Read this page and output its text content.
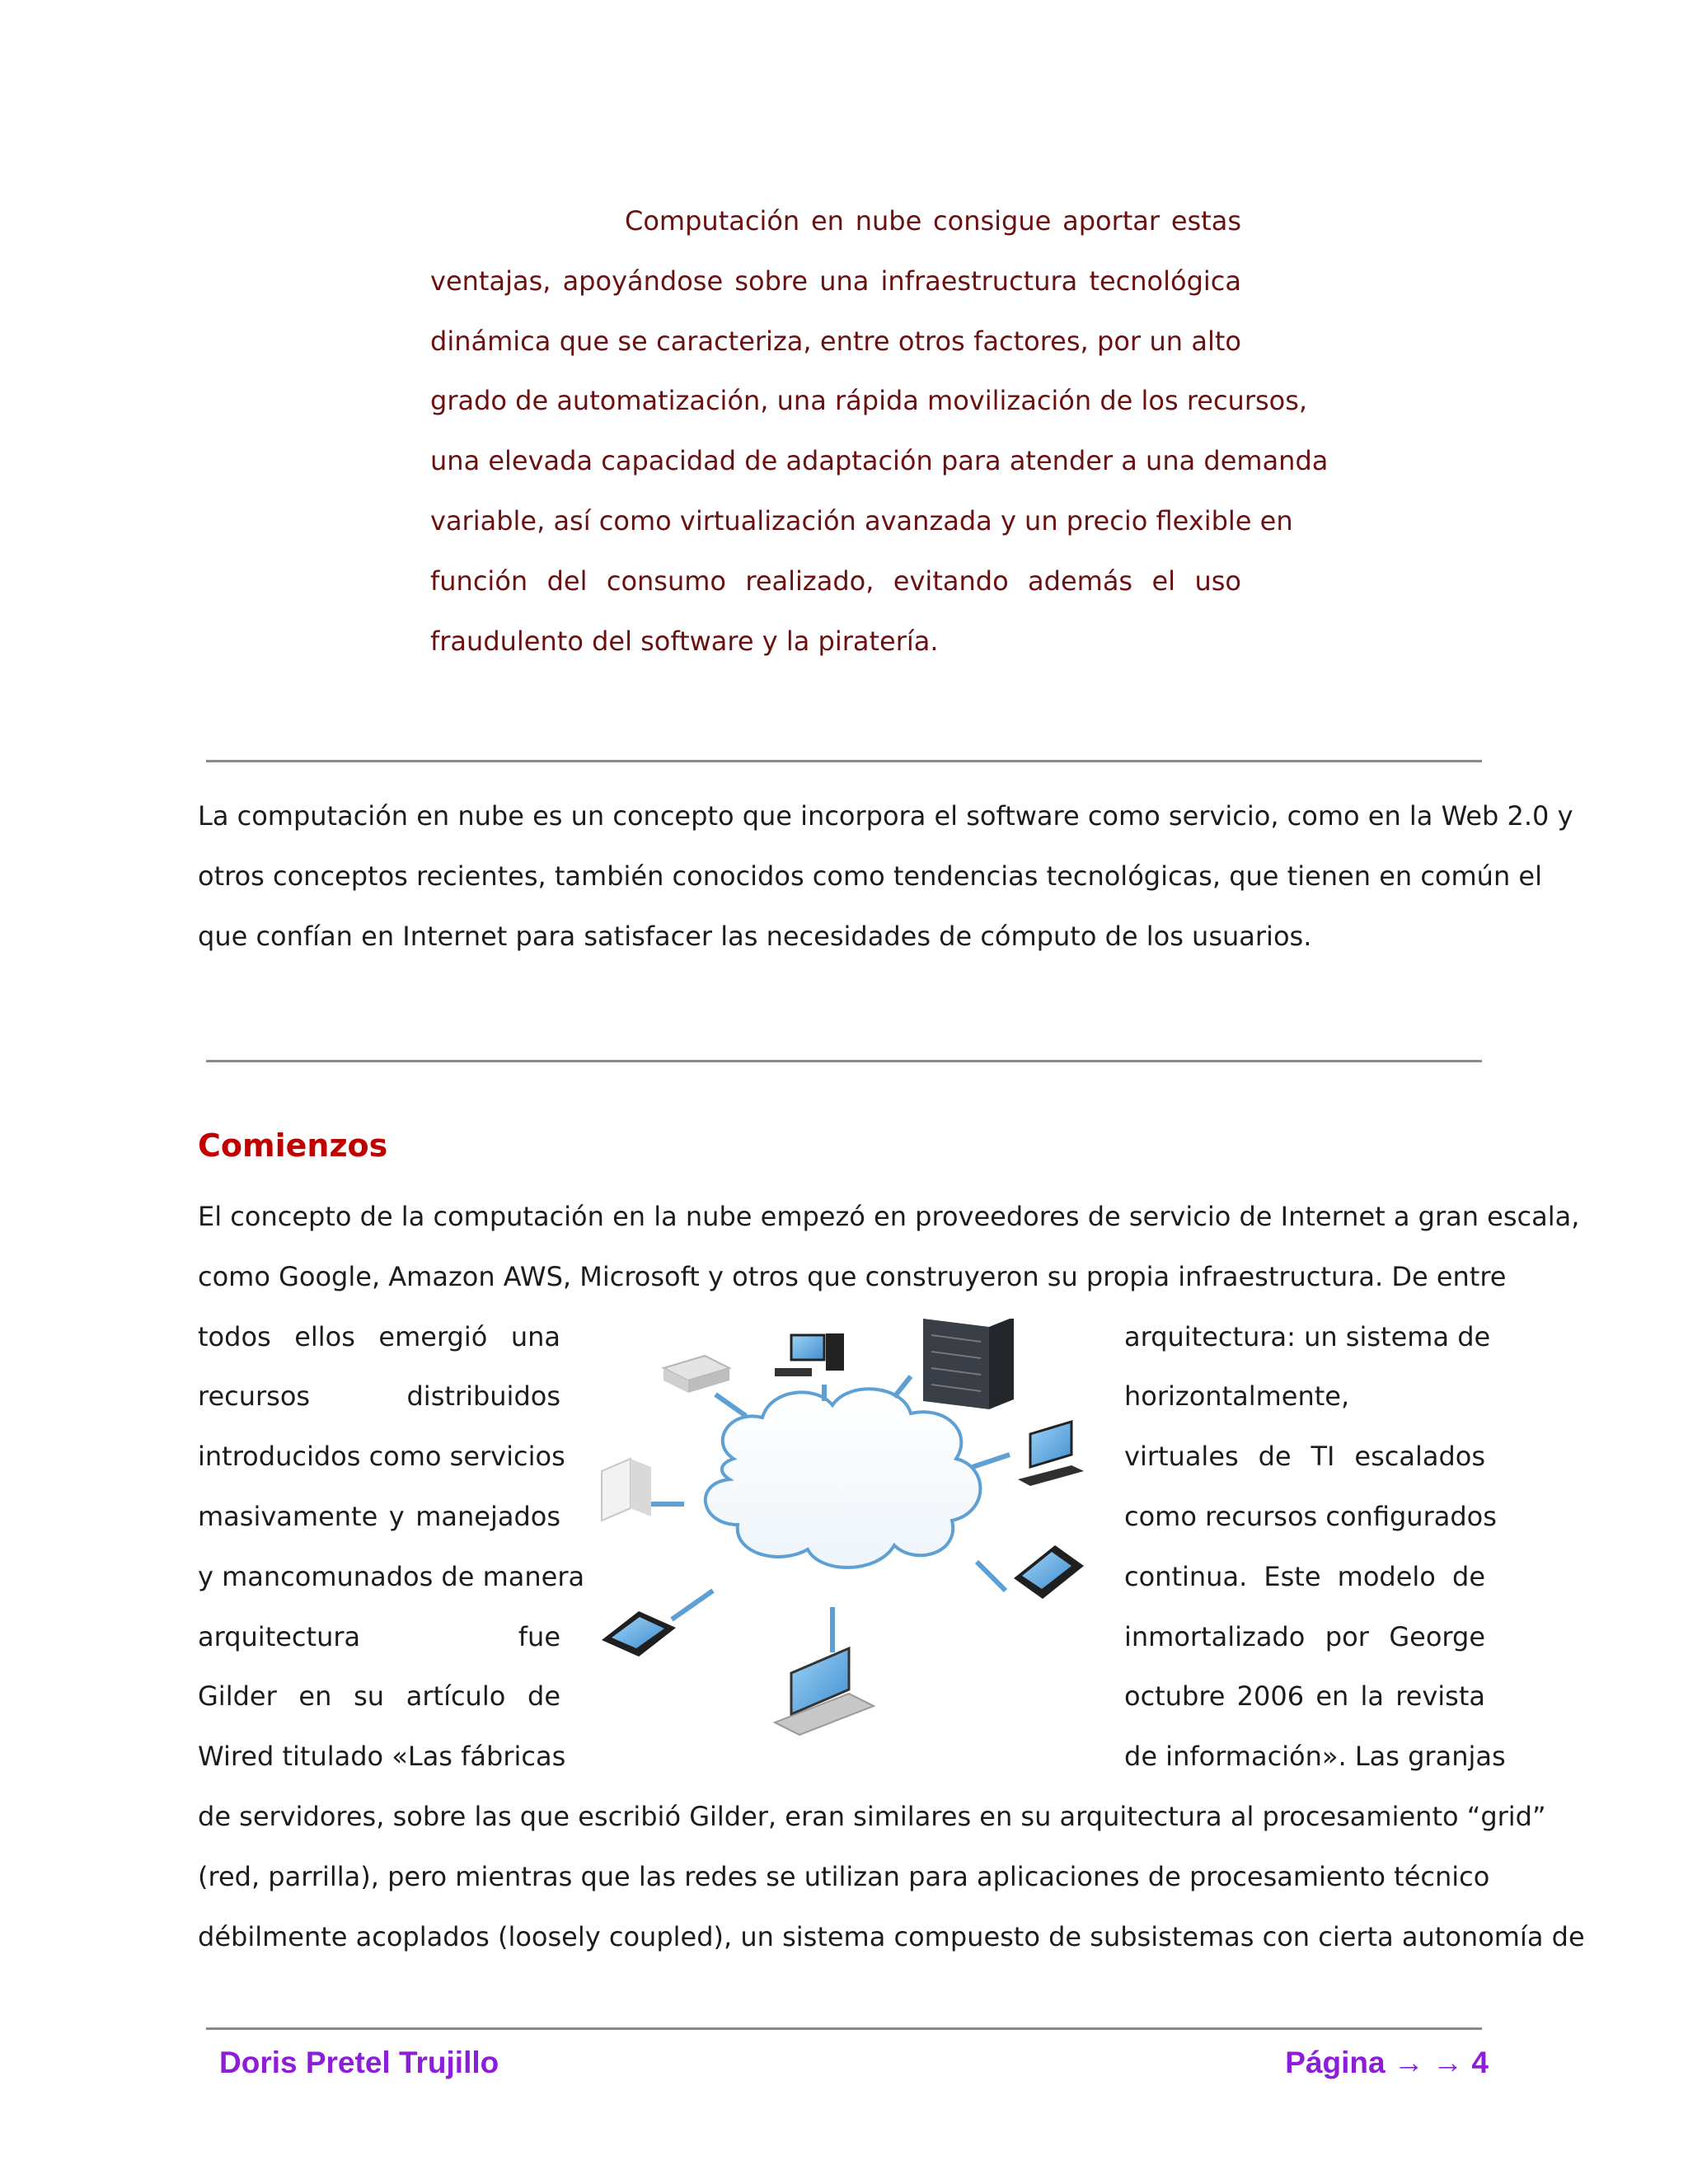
Computación en nube consigue aportar estas
ventajas, apoyándose sobre una infraestructura tecnológica
dinámica que se caracteriza, entre otros factores, por un alto
grado de automatización, una rápida movilización de los recursos,
una elevada capacidad de adaptación para atender a una demanda
variable, así como virtualización avanzada y un precio flexible en
función del consumo realizado, evitando además el uso
fraudulento del software y la piratería.
La computación en nube es un concepto que incorpora el software como servicio, como en la Web 2.0 y
otros conceptos recientes, también conocidos como tendencias tecnológicas, que tienen en común el
que confían en Internet para satisfacer las necesidades de cómputo de los usuarios.
Comienzos
El concepto de la computación en la nube empezó en proveedores de servicio de Internet a gran escala,
como Google, Amazon AWS, Microsoft y otros que construyeron su propia infraestructura. De entre
todos ellos emergió una
recursos distribuidos
introducidos como servicios
masivamente y manejados
y mancomunados de manera
arquitectura fue
Gilder en su artículo de
Wired titulado «Las fábricas
arquitectura: un sistema de
horizontalmente,
virtuales de TI escalados
como recursos configurados
continua. Este modelo de
inmortalizado por George
octubre 2006 en la revista
de información». Las granjas
de servidores, sobre las que escribió Gilder, eran similares en su arquitectura al procesamiento “grid”
(red, parrilla), pero mientras que las redes se utilizan para aplicaciones de procesamiento técnico
débilmente acoplados (loosely coupled), un sistema compuesto de subsistemas con cierta autonomía de
Doris Pretel Trujillo	Página → → 4
